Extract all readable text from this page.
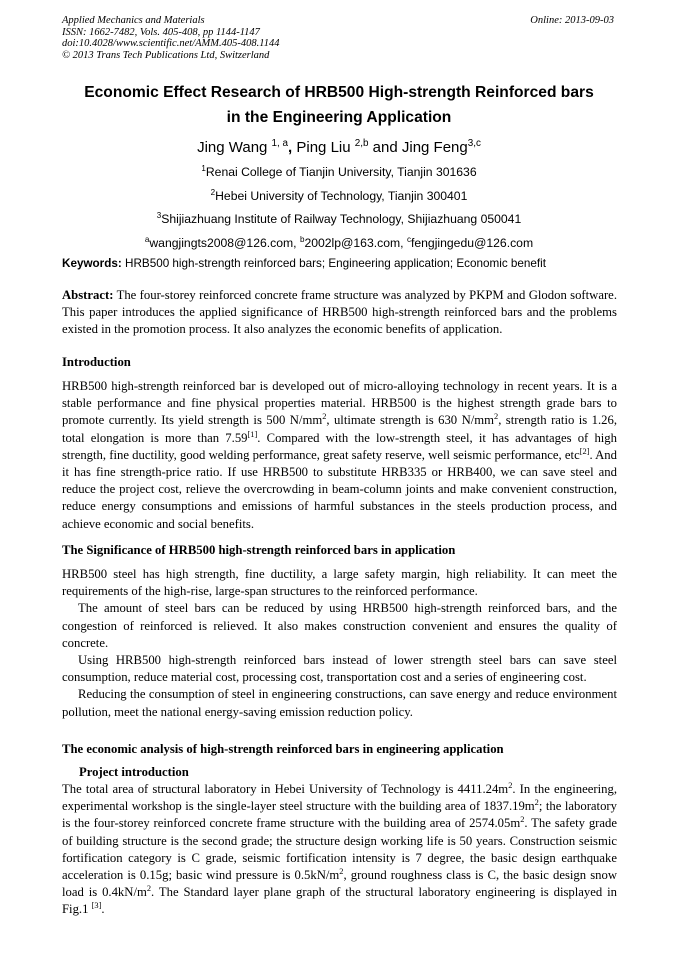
Applied Mechanics and Materials
ISSN: 1662-7482, Vols. 405-408, pp 1144-1147
doi:10.4028/www.scientific.net/AMM.405-408.1144
© 2013 Trans Tech Publications Ltd, Switzerland
Online: 2013-09-03
Economic Effect Research of HRB500 High-strength Reinforced bars
in the Engineering Application
Jing Wang $^{1, a}$, Ping Liu $^{2,b}$ and Jing Feng$^{3,c}$
$^1$Renai College of Tianjin University, Tianjin 301636
$^2$Hebei University of Technology, Tianjin 300401
$^3$Shijiazhuang Institute of Railway Technology, Shijiazhuang 050041
$^a$wangjingts2008@126.com, $^b$2002lp@163.com, $^c$fengjingedu@126.com
Keywords: HRB500 high-strength reinforced bars; Engineering application; Economic benefit

Abstract: The four-storey reinforced concrete frame structure was analyzed by PKPM and Glodon software. This paper introduces the applied significance of HRB500 high-strength reinforced bars and the problems existed in the promotion process. It also analyzes the economic benefits of application.

Introduction

HRB500 high-strength reinforced bar is developed out of micro-alloying technology in recent years. It is a stable performance and fine physical properties material. HRB500 is the highest strength grade bars to promote currently. Its yield strength is 500 $N/mm^2$, ultimate strength is 630 $N/mm^2$, strength ratio is 1.26, total elongation is more than 7.59[1]. Compared with the low-strength steel, it has advantages of high strength, fine ductility, good welding performance, great safety reserve, well seismic performance, etc[2]. And it has fine strength-price ratio. If use HRB500 to substitute HRB335 or HRB400, we can save steel and reduce the project cost, relieve the overcrowding in beam-column joints and make convenient construction, reduce energy consumptions and emissions of harmful substances in the steels production process, and achieve economic and social benefits.

The Significance of HRB500 high-strength reinforced bars in application

HRB500 steel has high strength, fine ductility, a large safety margin, high reliability. It can meet the requirements of the high-rise, large-span structures to the reinforced performance.

The amount of steel bars can be reduced by using HRB500 high-strength reinforced bars, and the congestion of reinforced is relieved. It also makes construction convenient and ensures the quality of concrete.

Using HRB500 high-strength reinforced bars instead of lower strength steel bars can save steel consumption, reduce material cost, processing cost, transportation cost and a series of engineering cost.

Reducing the consumption of steel in engineering constructions, can save energy and reduce environment pollution, meet the national energy-saving emission reduction policy.

The economic analysis of high-strength reinforced bars in engineering application
Project introduction

The total area of structural laboratory in Hebei University of Technology is $4411.24m^2$. In the engineering, experimental workshop is the single-layer steel structure with the building area of $1837.19m^2$; the laboratory is the four-storey reinforced concrete frame structure with the building area of $2574.05m^2$. The safety grade of building structure is the second grade; the structure design working life is 50 years. Construction seismic fortification category is C grade, seismic fortification intensity is 7 degree, the basic design earthquake acceleration is 0.15g; basic wind pressure is $0.5kN/m^2$, ground roughness class is C, the basic design snow load is $0.4kN/m^2$. The Standard layer plane graph of the structural laboratory engineering is displayed in Fig.1 [3].
